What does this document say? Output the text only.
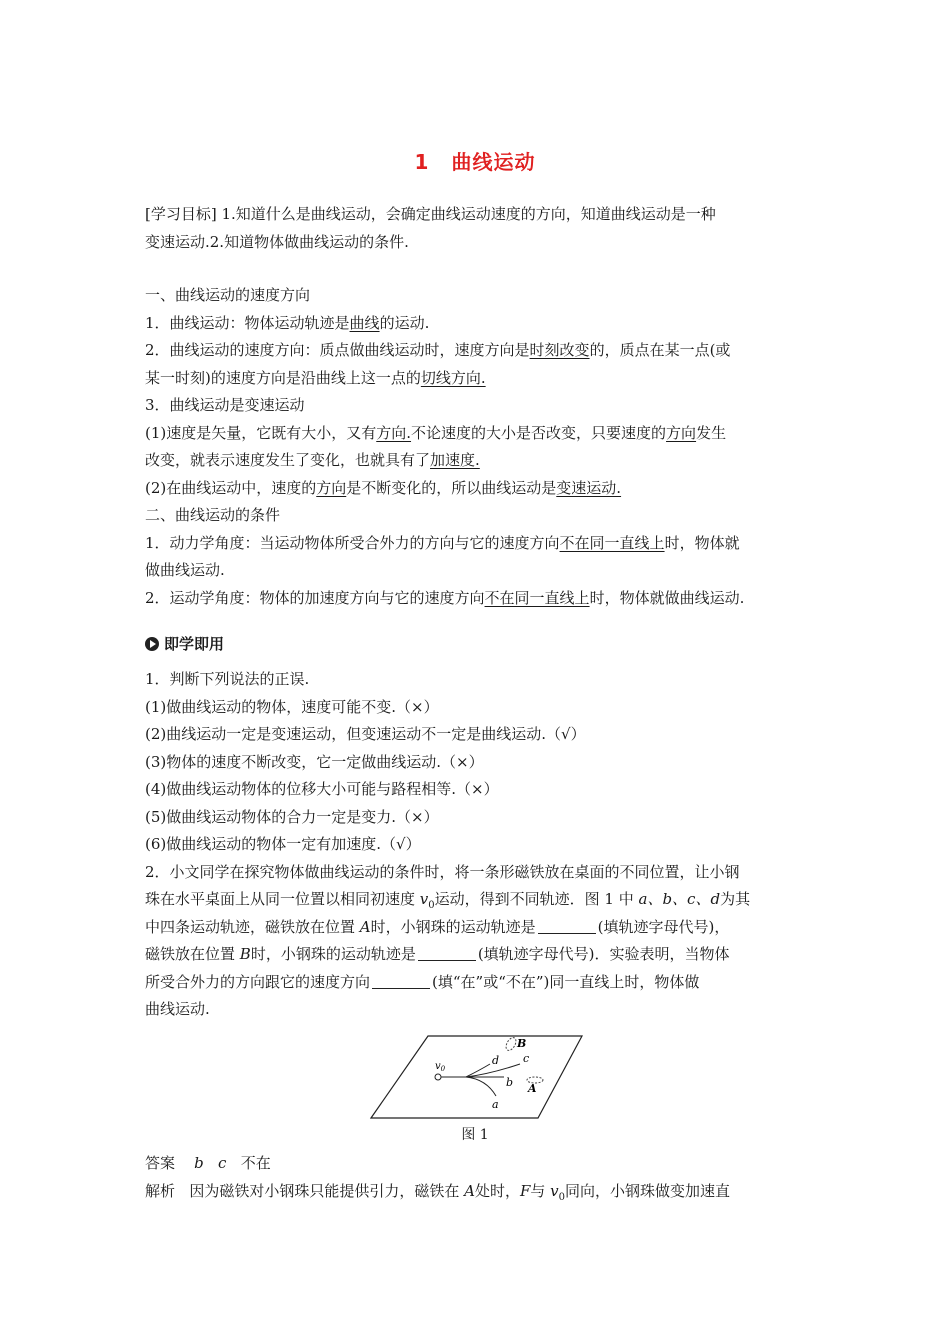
1 曲线运动
[学习目标] 1.知道什么是曲线运动，会确定曲线运动速度的方向，知道曲线运动是一种
变速运动.2.知道物体做曲线运动的条件.
一、曲线运动的速度方向
1．曲线运动：物体运动轨迹是曲线的运动.
2．曲线运动的速度方向：质点做曲线运动时，速度方向是时刻改变的，质点在某一点(或
某一时刻)的速度方向是沿曲线上这一点的切线方向.
3．曲线运动是变速运动
(1)速度是矢量，它既有大小，又有方向.不论速度的大小是否改变，只要速度的方向发生
改变，就表示速度发生了变化，也就具有了加速度.
(2)在曲线运动中，速度的方向是不断变化的，所以曲线运动是变速运动.
二、曲线运动的条件
1．动力学角度：当运动物体所受合外力的方向与它的速度方向不在同一直线上时，物体就
做曲线运动.
2．运动学角度：物体的加速度方向与它的速度方向不在同一直线上时，物体就做曲线运动.
即学即用
1．判断下列说法的正误.
(1)做曲线运动的物体，速度可能不变.（×）
(2)曲线运动一定是变速运动，但变速运动不一定是曲线运动.（√）
(3)物体的速度不断改变，它一定做曲线运动.（×）
(4)做曲线运动物体的位移大小可能与路程相等.（×）
(5)做曲线运动物体的合力一定是变力.（×）
(6)做曲线运动的物体一定有加速度.（√）
2．小文同学在探究物体做曲线运动的条件时，将一条形磁铁放在桌面的不同位置，让小钢
珠在水平桌面上从同一位置以相同初速度 $v_0$运动，得到不同轨迹．图 1 中 a、b、c、d为其
中四条运动轨迹，磁铁放在位置 A时，小钢珠的运动轨迹是	(填轨迹字母代号)，
磁铁放在位置 B时，小钢珠的运动轨迹是	(填轨迹字母代号)．实验表明，当物体
所受合外力的方向跟它的速度方向	(填“在”或“不在”)同一直线上时，物体做
曲线运动.
$v_0$
d c
b
a
B
A
图 1
答案 b c 不在
解析 因为磁铁对小钢珠只能提供引力，磁铁在 A处时，F与 $v_0$同向，小钢珠做变加速直
